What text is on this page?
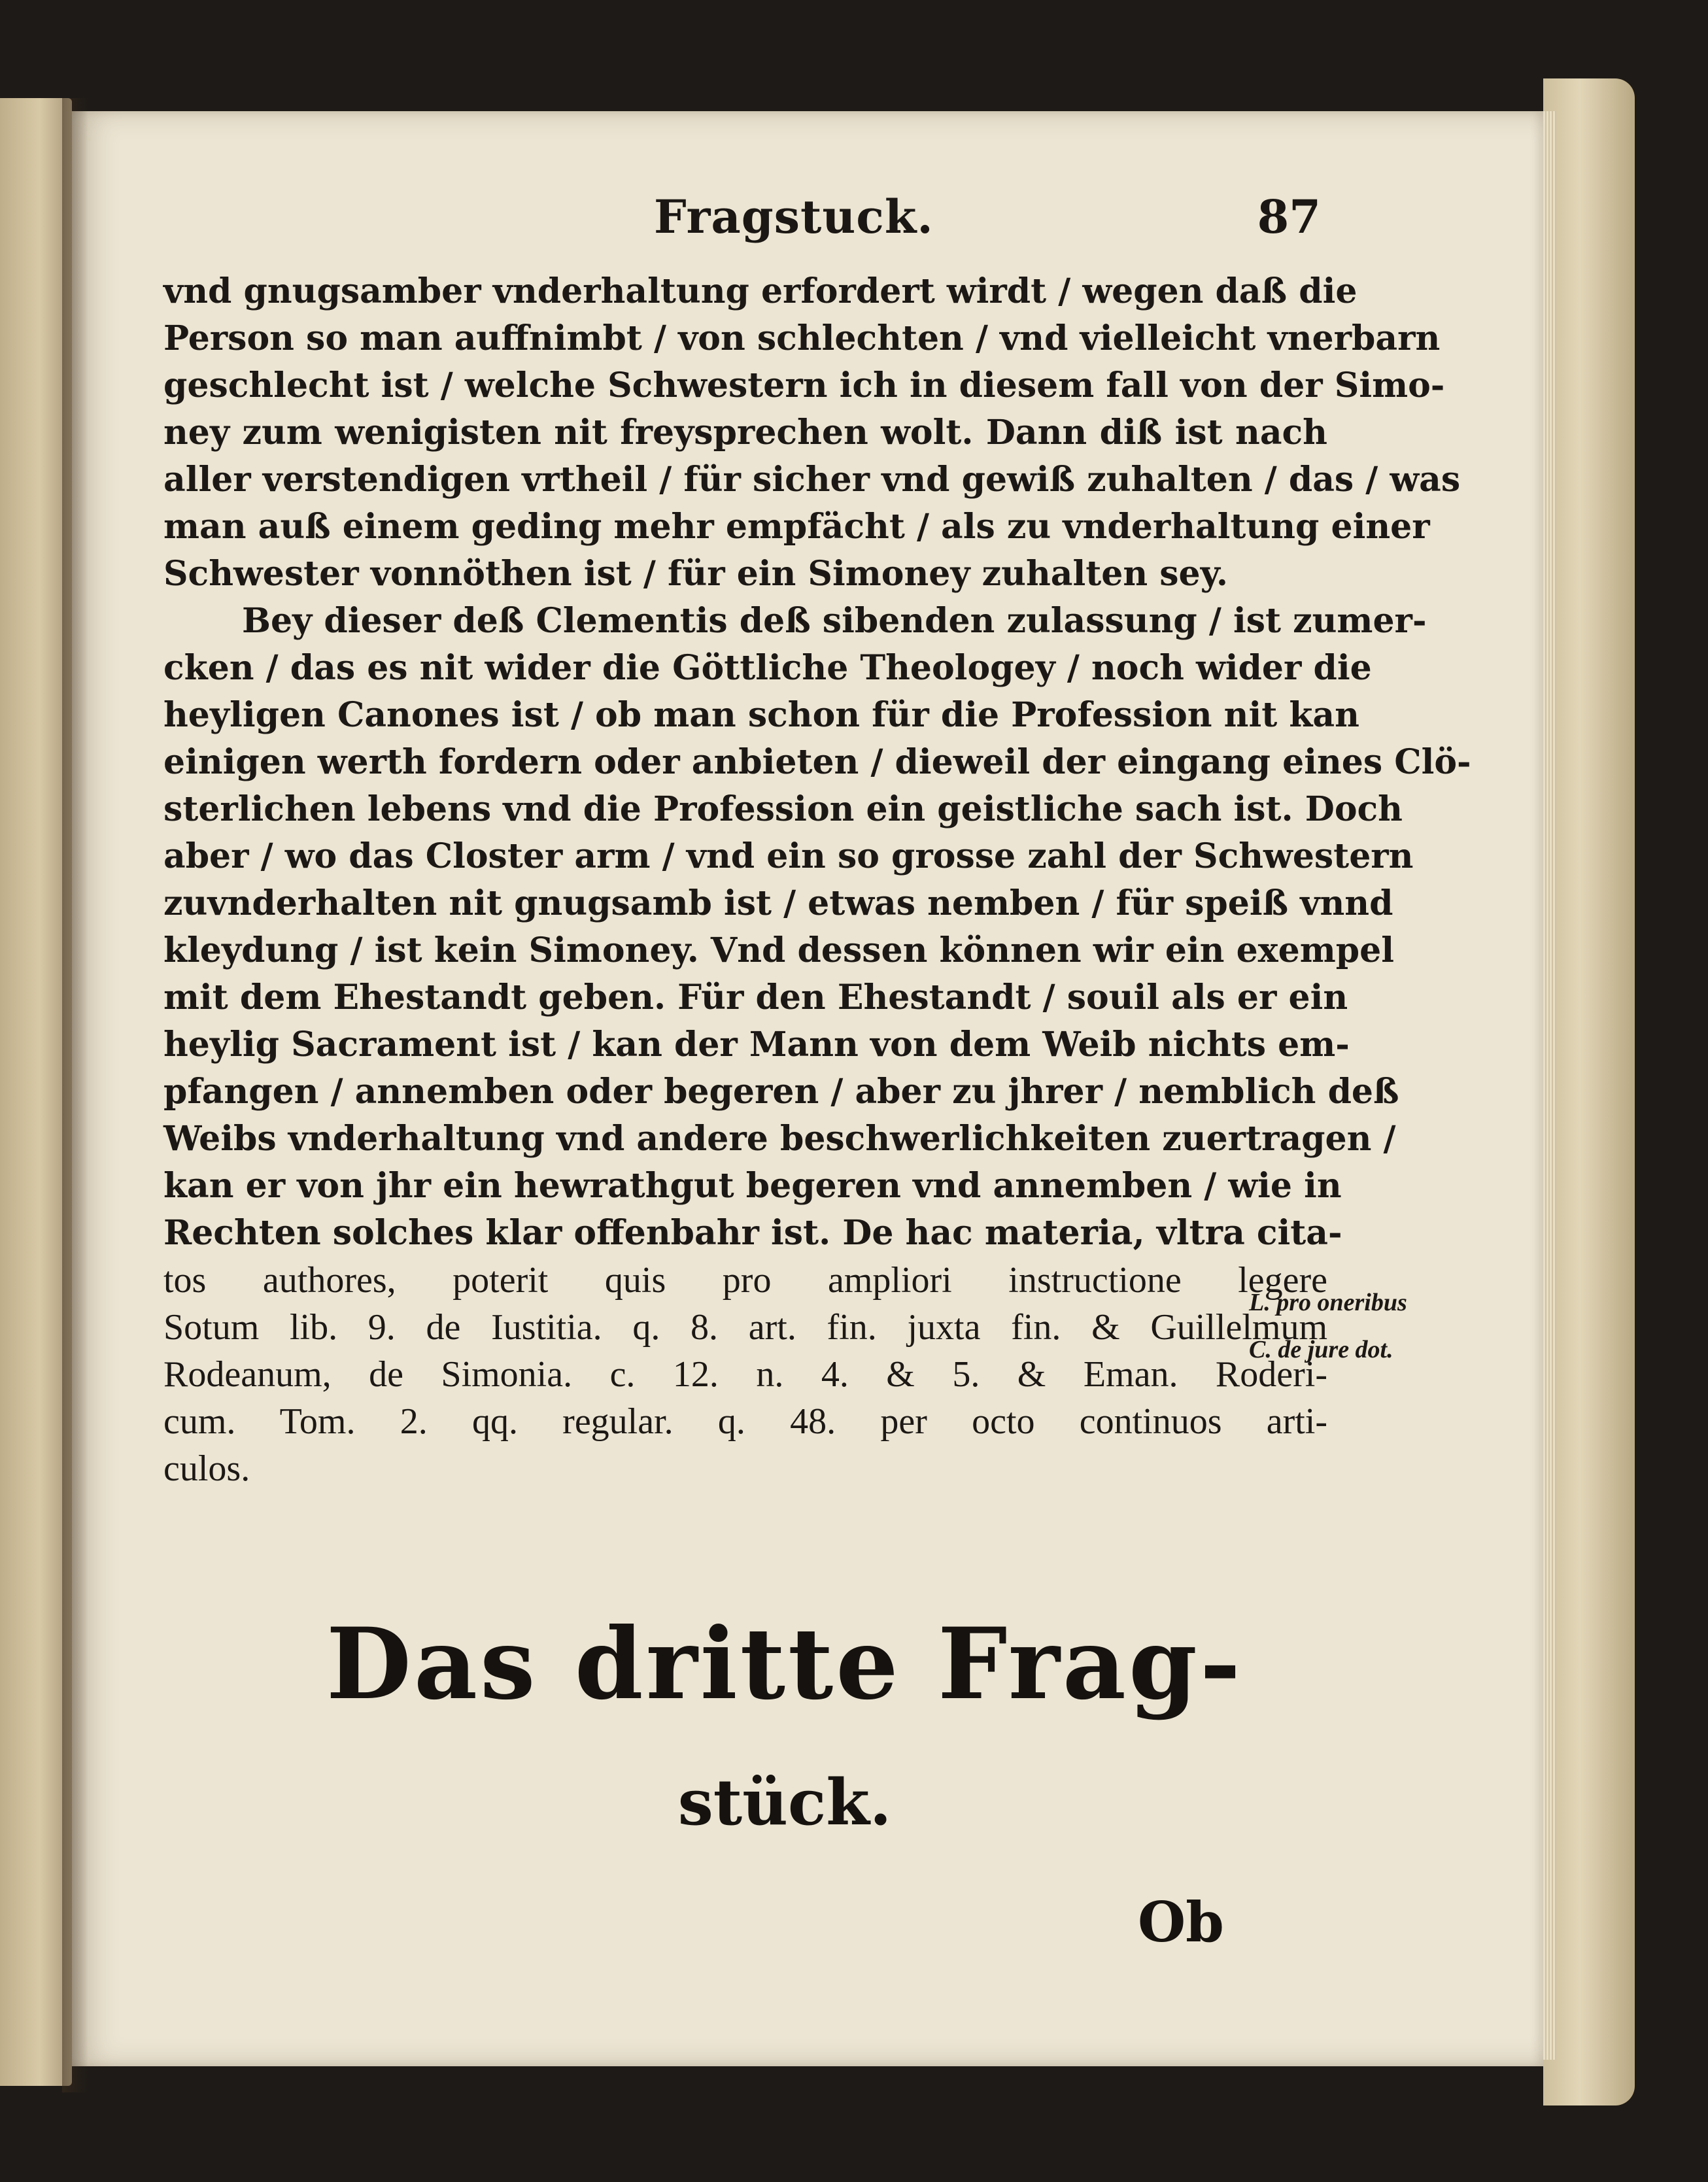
Fragstuck.	87
vnd gnugsamber vnderhaltung erfordert wirdt / wegen daß die
Person so man auffnimbt / von schlechten / vnd vielleicht vnerbarn
geschlecht ist / welche Schwestern ich in diesem fall von der Simo-
ney zum wenigisten nit freysprechen wolt. Dann diß ist nach
aller verstendigen vrtheil / für sicher vnd gewiß zuhalten / das / was
man auß einem geding mehr empfächt / als zu vnderhaltung einer
Schwester vonnöthen ist / für ein Simoney zuhalten sey.
Bey dieser deß Clementis deß sibenden zulassung / ist zumer-
cken / das es nit wider die Göttliche Theologey / noch wider die
heyligen Canones ist / ob man schon für die Profession nit kan
einigen werth fordern oder anbieten / dieweil der eingang eines Clö-
sterlichen lebens vnd die Profession ein geistliche sach ist. Doch
aber / wo das Closter arm / vnd ein so grosse zahl der Schwestern
zuvnderhalten nit gnugsamb ist / etwas nemben / für speiß vnnd
kleydung / ist kein Simoney. Vnd dessen können wir ein exempel
mit dem Ehestandt geben. Für den Ehestandt / souil als er ein
heylig Sacrament ist / kan der Mann von dem Weib nichts em-
pfangen / annemben oder begeren / aber zu jhrer / nemblich deß
Weibs vnderhaltung vnd andere beschwerlichkeiten zuertragen /
kan er von jhr ein hewrathgut begeren vnd annemben / wie in
Rechten solches klar offenbahr ist. De hac materia, vltra cita-
tos authores, poterit quis pro ampliori instructione legere
Sotum lib. 9. de Iustitia. q. 8. art. fin. juxta fin. & Guillelmum
Rodeanum, de Simonia. c. 12. n. 4. & 5. & Eman. Roderi-
cum. Tom. 2. qq. regular. q. 48. per octo continuos arti-
culos.
L. pro oneribus
C. de jure dot.
Das dritte Frag-
stück.
Ob
